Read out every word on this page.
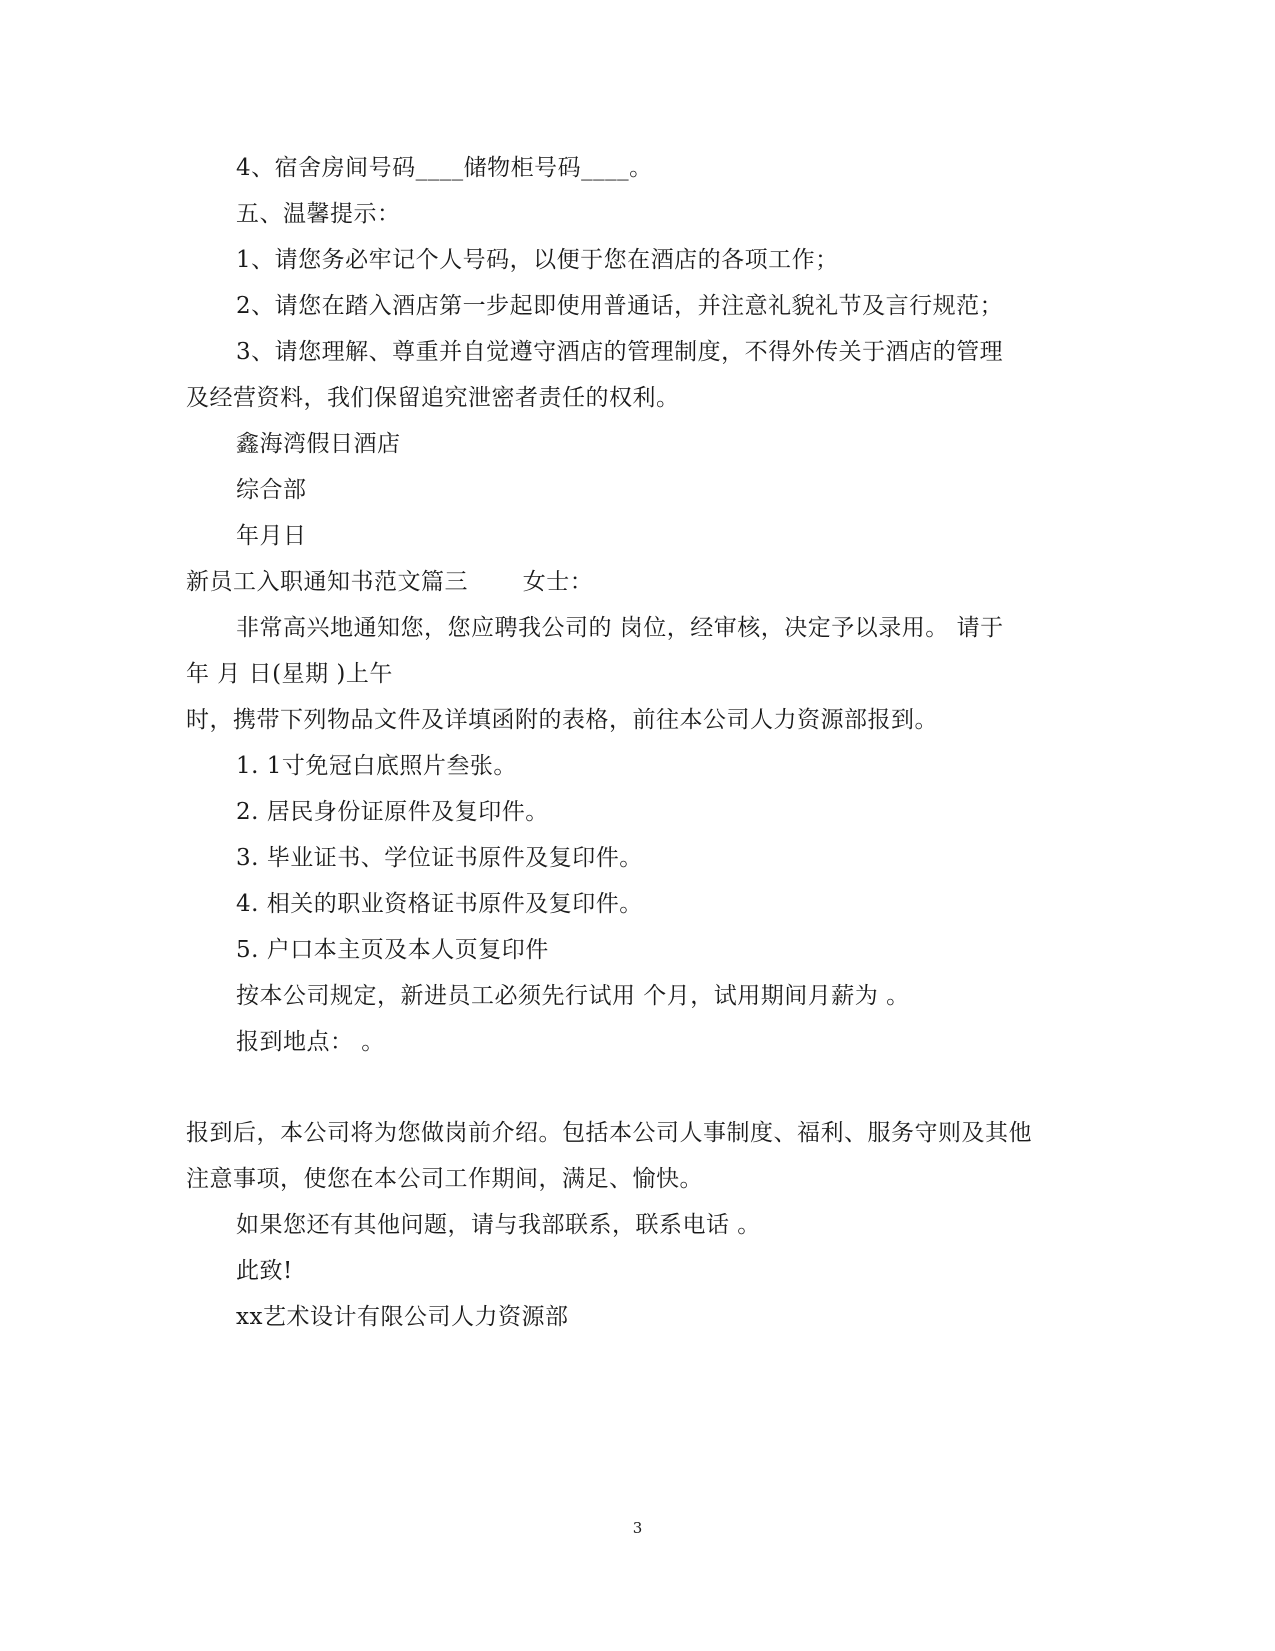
4、宿舍房间号码____储物柜号码____。
五、温馨提示：
1、请您务必牢记个人号码，以便于您在酒店的各项工作；
2、请您在踏入酒店第一步起即使用普通话，并注意礼貌礼节及言行规范；
3、请您理解、尊重并自觉遵守酒店的管理制度，不得外传关于酒店的管理
及经营资料，我们保留追究泄密者责任的权利。
鑫海湾假日酒店
综合部
年月日
新员工入职通知书范文篇三　　 女士：
非常高兴地通知您，您应聘我公司的 岗位，经审核，决定予以录用。 请于
年 月 日(星期 )上午
时，携带下列物品文件及详填函附的表格，前往本公司人力资源部报到。
1. 1寸免冠白底照片叁张。
2. 居民身份证原件及复印件。
3. 毕业证书、学位证书原件及复印件。
4. 相关的职业资格证书原件及复印件。
5. 户口本主页及本人页复印件
按本公司规定，新进员工必须先行试用 个月，试用期间月薪为 。
报到地点： 。
报到后，本公司将为您做岗前介绍。包括本公司人事制度、福利、服务守则及其他
注意事项，使您在本公司工作期间，满足、愉快。
如果您还有其他问题，请与我部联系，联系电话 。
此致!
xx艺术设计有限公司人力资源部
3
